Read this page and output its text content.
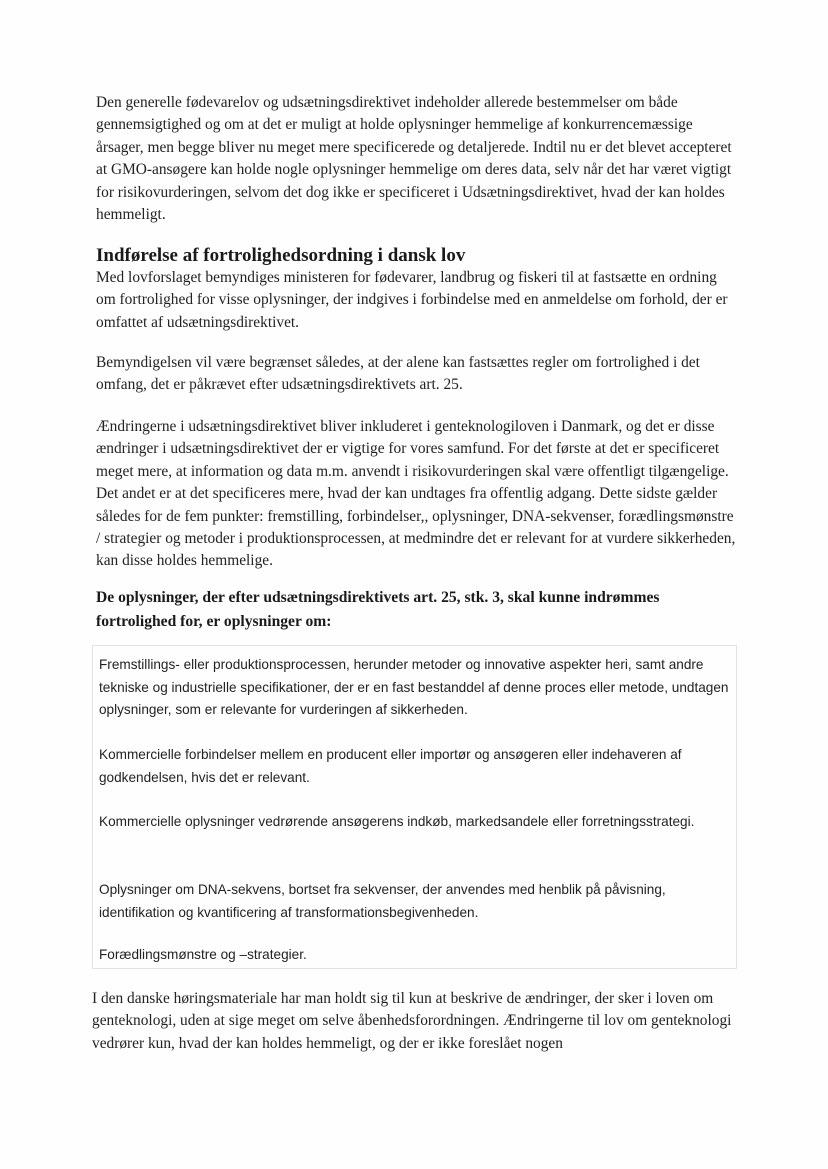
Den generelle fødevarelov og udsætningsdirektivet indeholder allerede bestemmelser om både gennemsigtighed og om at det er muligt at holde oplysninger hemmelige af konkurrencemæssige årsager, men begge bliver nu meget mere specificerede og detaljerede. Indtil nu er det blevet accepteret at GMO-ansøgere kan holde nogle oplysninger hemmelige om deres data, selv når det har været vigtigt for risikovurderingen, selvom det dog ikke er specificeret i Udsætningsdirektivet, hvad der kan holdes hemmeligt.

Indførelse af fortrolighedsordning i dansk lov

Med lovforslaget bemyndiges ministeren for fødevarer, landbrug og fiskeri til at fastsætte en ordning om fortrolighed for visse oplysninger, der indgives i forbindelse med en anmeldelse om forhold, der er omfattet af udsætningsdirektivet.

Bemyndigelsen vil være begrænset således, at der alene kan fastsættes regler om fortrolighed i det omfang, det er påkrævet efter udsætningsdirektivets art. 25.

Ændringerne i udsætningsdirektivet bliver inkluderet i genteknologiloven i Danmark, og det er disse ændringer i udsætningsdirektivet der er vigtige for vores samfund. For det første at det er specificeret meget mere, at information og data m.m. anvendt i risikovurderingen skal være offentligt tilgængelige. Det andet er at det specificeres mere, hvad der kan undtages fra offentlig adgang. Dette sidste gælder således for de fem punkter: fremstilling, forbindelser,, oplysninger, DNA-sekvenser, forædlingsmønstre / strategier og metoder i produktionsprocessen, at medmindre det er relevant for at vurdere sikkerheden, kan disse holdes hemmelige.

De oplysninger, der efter udsætningsdirektivets art. 25, stk. 3, skal kunne indrømmes fortrolighed for, er oplysninger om:

Fremstillings- eller produktionsprocessen, herunder metoder og innovative aspekter heri, samt andre tekniske og industrielle specifikationer, der er en fast bestanddel af denne proces eller metode, undtagen oplysninger, som er relevante for vurderingen af sikkerheden.

Kommercielle forbindelser mellem en producent eller importør og ansøgeren eller indehaveren af godkendelsen, hvis det er relevant.

Kommercielle oplysninger vedrørende ansøgerens indkøb, markedsandele eller forretningsstrategi.

Oplysninger om DNA-sekvens, bortset fra sekvenser, der anvendes med henblik på påvisning, identifikation og kvantificering af transformationsbegivenheden.

Forædlingsmønstre og –strategier.

I den danske høringsmateriale har man holdt sig til kun at beskrive de ændringer, der sker i loven om genteknologi, uden at sige meget om selve åbenhedsforordningen. Ændringerne til lov om genteknologi vedrører kun, hvad der kan holdes hemmeligt, og der er ikke foreslået nogen
